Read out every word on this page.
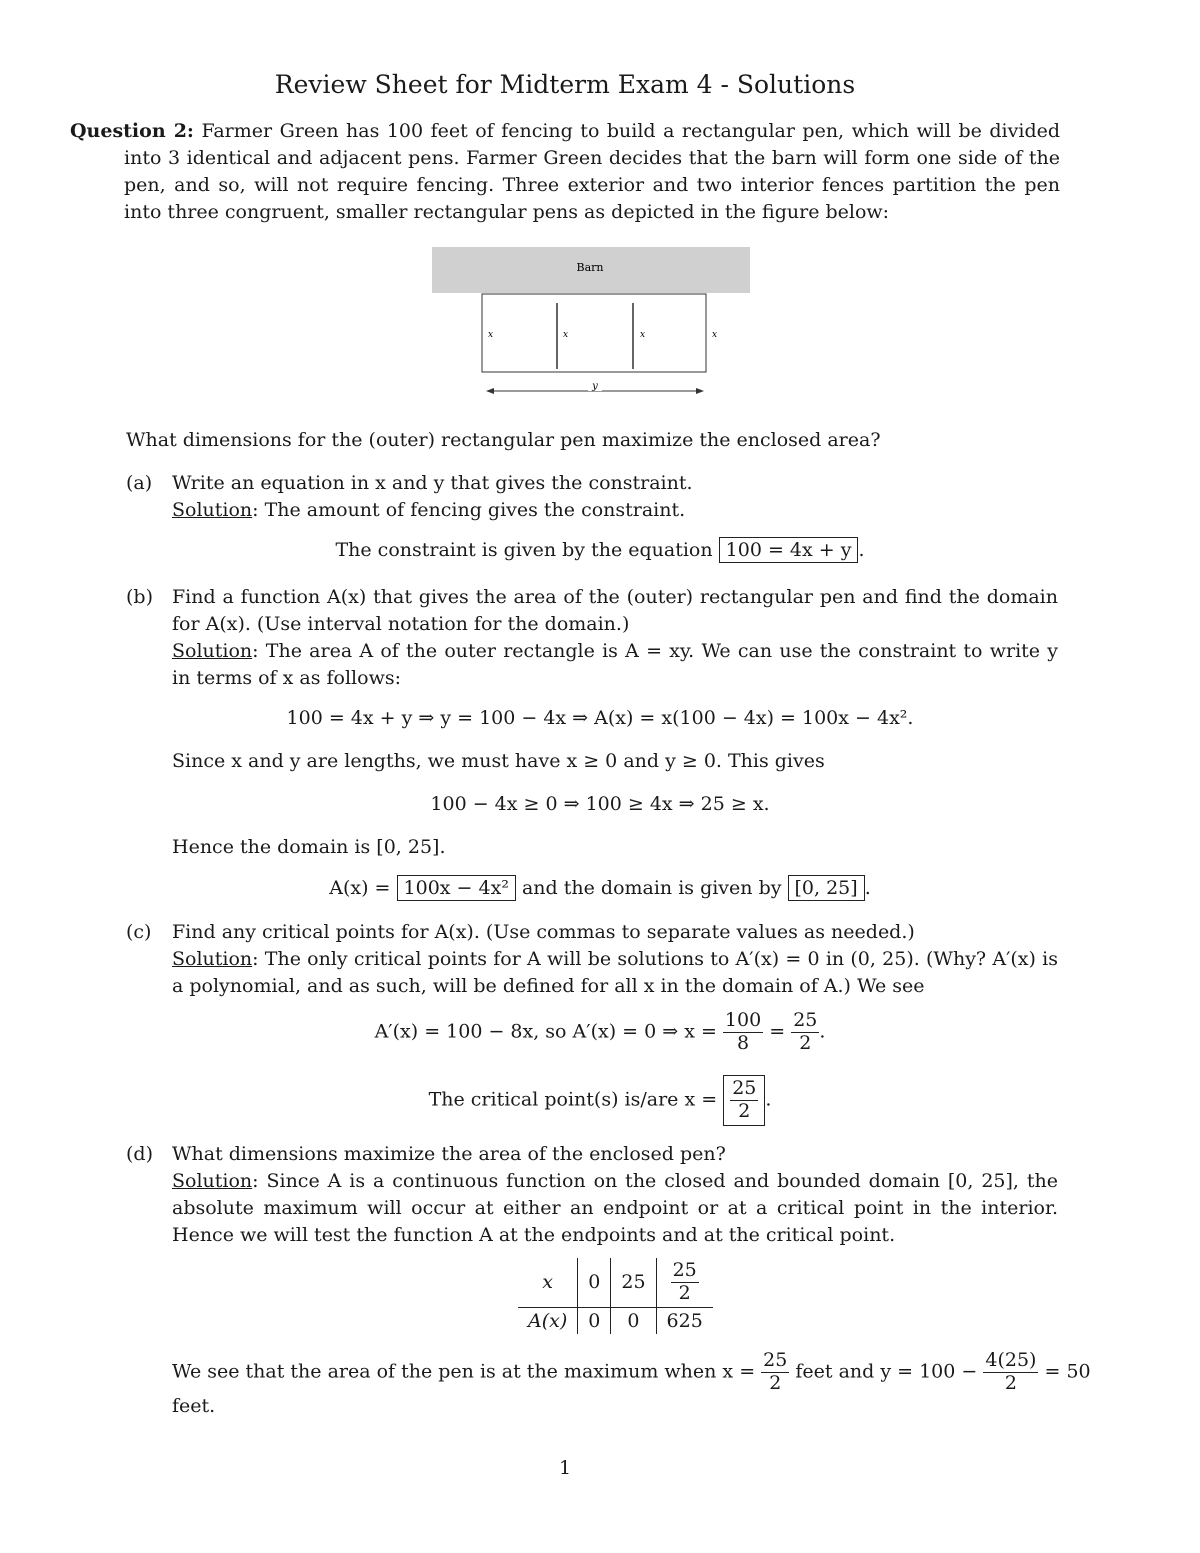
Review Sheet for Midterm Exam 4 - Solutions
Question 2: Farmer Green has 100 feet of fencing to build a rectangular pen, which will be divided into 3 identical and adjacent pens. Farmer Green decides that the barn will form one side of the pen, and so, will not require fencing. Three exterior and two interior fences partition the pen into three congruent, smaller rectangular pens as depicted in the figure below:
Barn
x	x	x	x
y
What dimensions for the (outer) rectangular pen maximize the enclosed area?
(a) Write an equation in x and y that gives the constraint.
Solution: The amount of fencing gives the constraint.
The constraint is given by the equation 100 = 4x + y .
(b) Find a function A(x) that gives the area of the (outer) rectangular pen and find the domain for A(x). (Use interval notation for the domain.)
Solution: The area A of the outer rectangle is A = xy. We can use the constraint to write y in terms of x as follows:
100 = 4x + y ⇒ y = 100 − 4x ⇒ A(x) = x(100 − 4x) = 100x − 4x².
Since x and y are lengths, we must have x ≥ 0 and y ≥ 0. This gives
100 − 4x ≥ 0 ⇒ 100 ≥ 4x ⇒ 25 ≥ x.
Hence the domain is [0, 25].
A(x) = 100x − 4x² and the domain is given by [0, 25] .
(c) Find any critical points for A(x). (Use commas to separate values as needed.)
Solution: The only critical points for A will be solutions to A′(x) = 0 in (0, 25). (Why? A′(x) is a polynomial, and as such, will be defined for all x in the domain of A.) We see
A′(x) = 100 − 8x, so A′(x) = 0 ⇒ $x = \frac{100}{8} = \frac{25}{2}$ .
The critical point(s) is/are $x = \frac{25}{2}$ .
(d) What dimensions maximize the area of the enclosed pen?
Solution: Since A is a continuous function on the closed and bounded domain [0, 25], the absolute maximum will occur at either an endpoint or at a critical point in the interior. Hence we will test the function A at the endpoints and at the critical point.
x	0	25	$\frac{25}{2}$

A(x)	0	0	625
We see that the area of the pen is at the maximum when $x = \frac{25}{2}$ feet and $y = 100 - \frac{4(25)}{2} = 50$
feet.
1
